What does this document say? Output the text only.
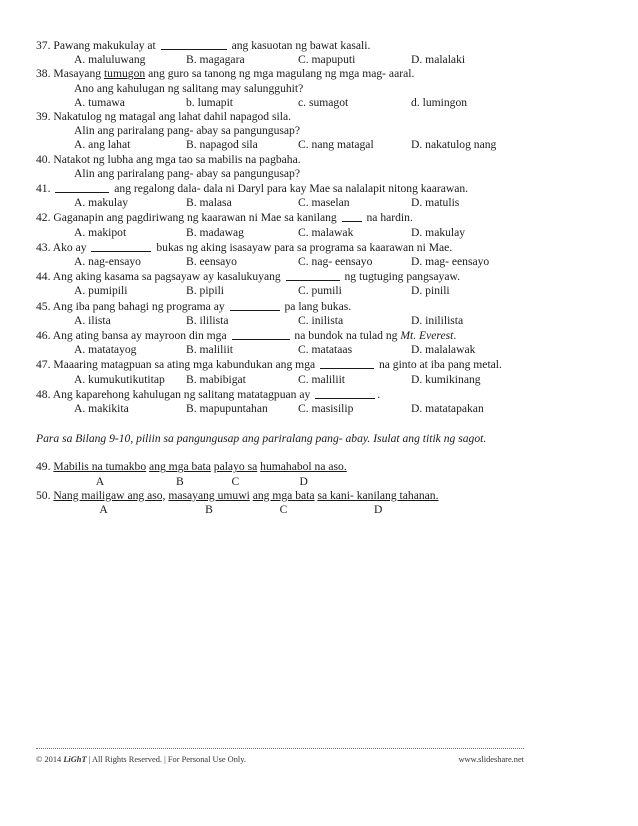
37. Pawang makukulay at	ang kasuotan ng bawat kasali.
A. maluluwang	B. magagara	C. mapuputi	D. malalaki
38. Masayang tumugon ang guro sa tanong ng mga magulang ng mga mag- aaral.
Ano ang kahulugan ng salitang may salungguhit?
A. tumawa	b. lumapit	c. sumagot	d. lumingon
39. Nakatulog ng matagal ang lahat dahil napagod sila.
Alin ang pariralang pang- abay sa pangungusap?
A. ang lahat	B. napagod sila	C. nang matagal	D. nakatulog nang
40. Natakot ng lubha ang mga tao sa mabilis na pagbaha.
Alin ang pariralang pang- abay sa pangungusap?
41.	ang regalong dala- dala ni Daryl para kay Mae sa nalalapit nitong kaarawan.
A. makulay	B. malasa	C. maselan	D. matulis
42. Gaganapin ang pagdiriwang ng kaarawan ni Mae sa kanilang  na hardin.
A. makipot	B. madawag	C. malawak	D. makulay
43. Ako ay	bukas ng aking isasayaw para sa programa sa kaarawan ni Mae.
A. nag-ensayo	B. eensayo	C. nag- eensayo	D. mag- eensayo
44. Ang aking kasama sa pagsayaw ay kasalukuyang	ng tugtuging pangsayaw.
A. pumipili	B. pipili	C. pumili	D. pinili
45. Ang iba pang bahagi ng programa ay	pa lang bukas.
A. ilista	B. ililista	C. inilista	D. inililista
46. Ang ating bansa ay mayroon din mga	na bundok na tulad ng Mt. Everest.
A. matatayog	B. maliliit	C. matataas	D. malalawak
47. Maaaring matagpuan sa ating mga kabundukan ang mga	na ginto at iba pang metal.
A. kumukutikutitap	B. mabibigat	C. maliliit	D. kumikinang
48. Ang kaparehong kahulugan ng salitang matatagpuan ay	.
A. makikita	B. mapupuntahan	C. masisilip	D. matatapakan
Para sa Bilang 9-10, piliin sa pangungusap ang pariralang pang- abay. Isulat ang titik ng sagot.
49. Mabilis na tumakbo ang mga bata palayo sa humahabol na aso.
A	B	C	D
50. Nang mailigaw ang aso, masayang umuwi ang mga bata sa kani- kanilang tahanan.
A	B	C	D
© 2014 LiGhT | All Rights Reserved. | For Personal Use Only.	www.slideshare.net
